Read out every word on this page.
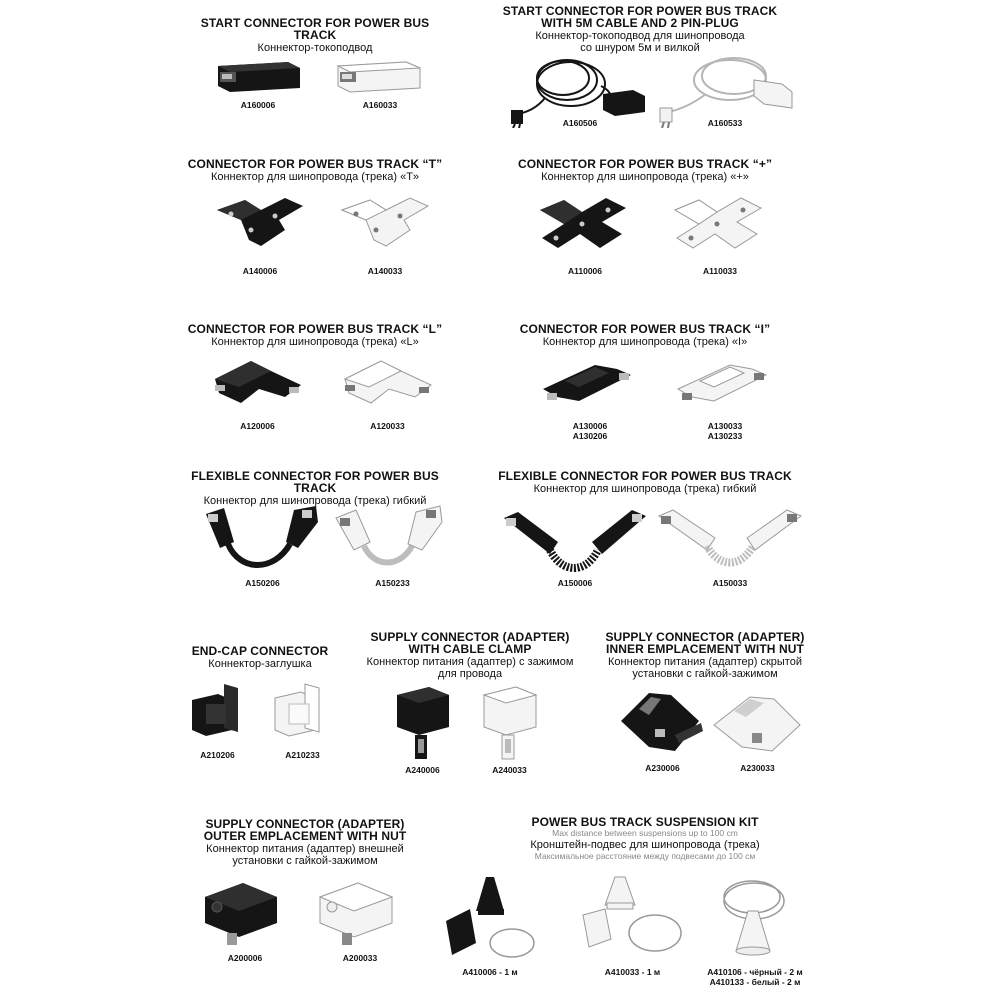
START CONNECTOR FOR POWER BUS TRACK

Коннектор-токоподвод

A160006	A160033

START CONNECTOR FOR POWER BUS TRACK
WITH 5M CABLE AND 2 PIN-PLUG

Коннектор-токоподвод для шинопровода
со шнуром 5м и вилкой

A160506	A160533

CONNECTOR FOR POWER BUS TRACK “T”

Коннектор для шинопровода (трека) «T»

A140006	A140033

CONNECTOR FOR POWER BUS TRACK “+”

Коннектор для шинопровода (трека) «+»

A110006	A110033

CONNECTOR FOR POWER BUS TRACK “L”

Коннектор для шинопровода (трека) «L»

A120006	A120033

CONNECTOR FOR POWER BUS TRACK “I”

Коннектор для шинопровода (трека) «I»

A130006
A130206
A130033
A130233

FLEXIBLE CONNECTOR FOR POWER BUS TRACK

Коннектор для шинопровода (трека) гибкий

A150206	A150233

FLEXIBLE CONNECTOR FOR POWER BUS TRACK

Коннектор для шинопровода (трека) гибкий

A150006	A150033

END-CAP CONNECTOR

Коннектор-заглушка

A210206	A210233

SUPPLY CONNECTOR (ADAPTER)
WITH CABLE CLAMP

Коннектор питания (адаптер) с зажимом
для провода

A240006	A240033

SUPPLY CONNECTOR (ADAPTER)
INNER EMPLACEMENT WITH NUT

Коннектор питания (адаптер) скрытой
установки с гайкой-зажимом

A230006	A230033

SUPPLY CONNECTOR (ADAPTER)
OUTER EMPLACEMENT WITH NUT

Коннектор питания (адаптер) внешней
установки с гайкой-зажимом

A200006	A200033

POWER BUS TRACK SUSPENSION KIT

Max distance between suspensions up to 100 cm

Кронштейн-подвес для шинопровода (трека)

Максимальное расстояние между подвесами до 100 см

A410006 - 1 м	A410033 - 1 м	A410106 - чёрный - 2 м
A410133 - белый - 2 м
